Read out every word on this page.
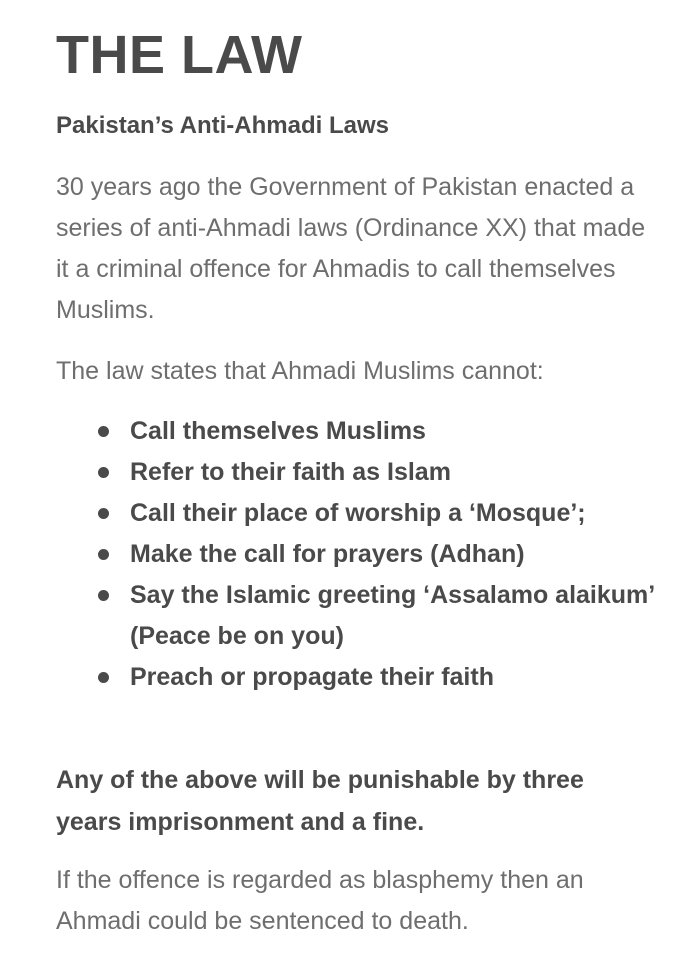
THE LAW
Pakistan’s Anti-Ahmadi Laws

30 years ago the Government of Pakistan enacted a series of anti-Ahmadi laws (Ordinance XX) that made it a criminal offence for Ahmadis to call themselves Muslims.

The law states that Ahmadi Muslims cannot:

Call themselves Muslims
Refer to their faith as Islam
Call their place of worship a ‘Mosque’;
Make the call for prayers (Adhan)
Say the Islamic greeting ‘Assalamo alaikum’ (Peace be on you)
Preach or propagate their faith

Any of the above will be punishable by three years imprisonment and a fine.

If the offence is regarded as blasphemy then an Ahmadi could be sentenced to death.
